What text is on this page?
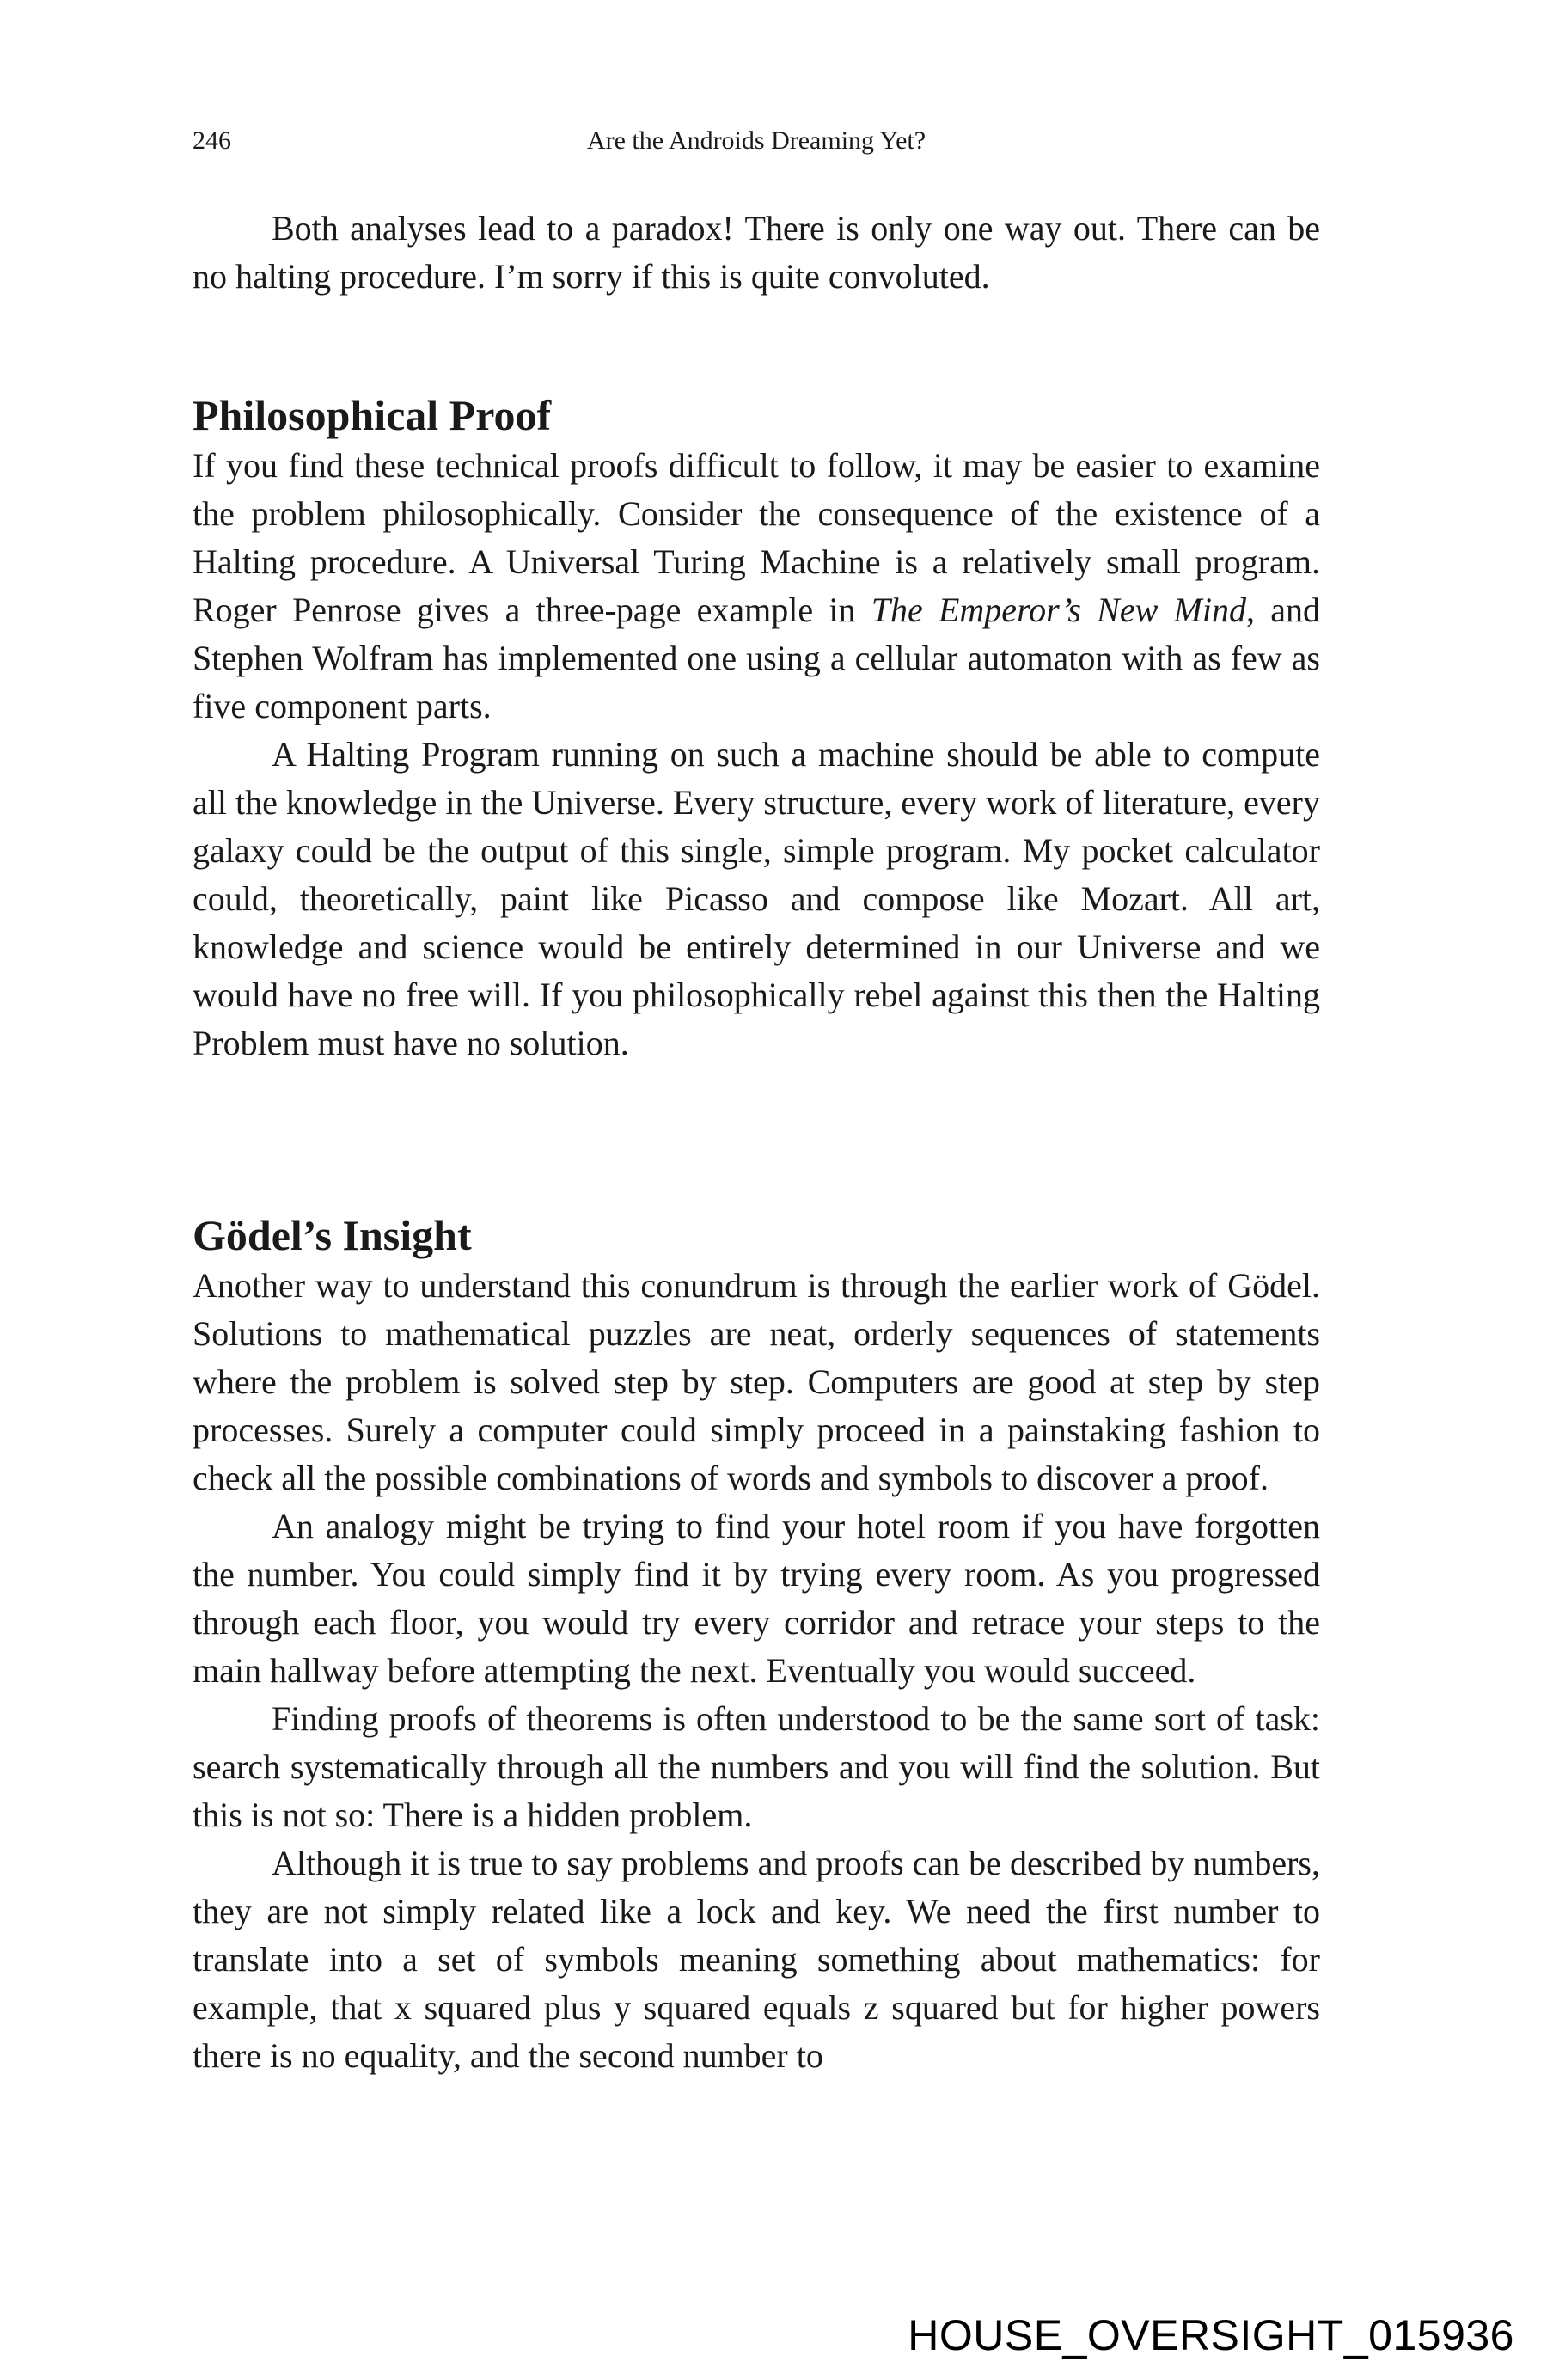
246	Are the Androids Dreaming Yet?

Both analyses lead to a paradox! There is only one way out. There can be no halting procedure. I’m sorry if this is quite convoluted.

Philosophical Proof

If you find these technical proofs difficult to follow, it may be easier to examine the problem philosophically. Consider the consequence of the existence of a Halting procedure. A Universal Turing Machine is a relatively small program. Roger Penrose gives a three-page example in The Emperor’s New Mind, and Stephen Wolfram has implemented one using a cellular automaton with as few as five component parts.

A Halting Program running on such a machine should be able to compute all the knowledge in the Universe. Every structure, every work of literature, every galaxy could be the output of this single, simple program. My pocket calculator could, theoretically, paint like Picasso and compose like Mozart. All art, knowledge and science would be entirely determined in our Universe and we would have no free will. If you philosophically rebel against this then the Halting Problem must have no solution.

Gödel’s Insight

Another way to understand this conundrum is through the earlier work of Gödel. Solutions to mathematical puzzles are neat, orderly sequences of statements where the problem is solved step by step. Computers are good at step by step processes. Surely a computer could simply proceed in a painstaking fashion to check all the possible combinations of words and symbols to discover a proof.

An analogy might be trying to find your hotel room if you have forgotten the number. You could simply find it by trying every room. As you progressed through each floor, you would try every corridor and retrace your steps to the main hallway before attempting the next. Eventually you would succeed.

Finding proofs of theorems is often understood to be the same sort of task: search systematically through all the numbers and you will find the solution. But this is not so: There is a hidden problem.

Although it is true to say problems and proofs can be described by numbers, they are not simply related like a lock and key. We need the first number to translate into a set of symbols meaning something about mathematics: for example, that x squared plus y squared equals z squared but for higher powers there is no equality, and the second number to

HOUSE_OVERSIGHT_015936
